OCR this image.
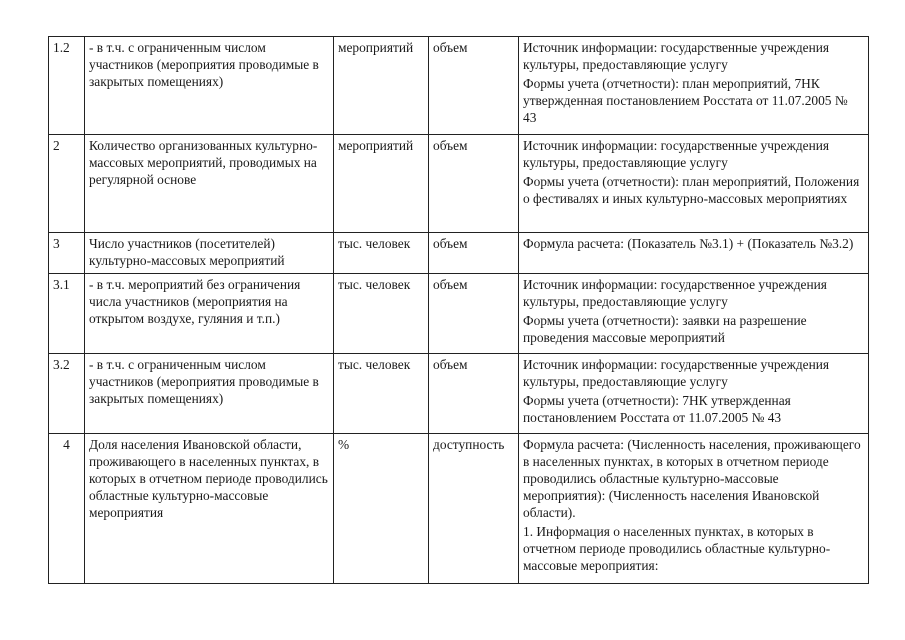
1.2	- в т.ч. с ограниченным числом участников (мероприятия проводимые в закрытых помещениях)	мероприятий	объем	Источник информации: государственные учреждения культуры, предоставляющие услугу
Формы учета (отчетности): план мероприятий, 7НК утвержденная постановлением Росстата от 11.07.2005 № 43

2	Количество организованных культурно-массовых мероприятий, проводимых на регулярной основе	мероприятий	объем	Источник информации: государственные учреждения культуры, предоставляющие услугу
Формы учета (отчетности): план мероприятий, Положения о фестивалях и иных культурно-массовых мероприятиях

3	Число участников (посетителей) культурно-массовых мероприятий	тыс. человек	объем	Формула расчета: (Показатель №3.1) + (Показатель №3.2)

3.1	- в т.ч. мероприятий без ограничения числа участников (мероприятия на открытом воздухе, гуляния и т.п.)	тыс. человек	объем	Источник информации: государственное учреждения культуры, предоставляющие услугу
Формы учета (отчетности): заявки на разрешение проведения массовые мероприятий

3.2	- в т.ч. с ограниченным числом участников (мероприятия проводимые в закрытых помещениях)	тыс. человек	объем	Источник информации: государственные учреждения культуры, предоставляющие услугу
Формы учета (отчетности): 7НК утвержденная постановлением Росстата от 11.07.2005 № 43

4	Доля населения Ивановской области, проживающего в населенных пунктах, в которых в отчетном периоде проводились областные культурно-массовые мероприятия	%	доступность	Формула расчета: (Численность населения, проживающего в населенных пунктах, в которых в отчетном периоде проводились областные культурно-массовые мероприятия): (Численность населения Ивановской области).
1. Информация о населенных пунктах, в которых в отчетном периоде проводились областные культурно-массовые мероприятия:
